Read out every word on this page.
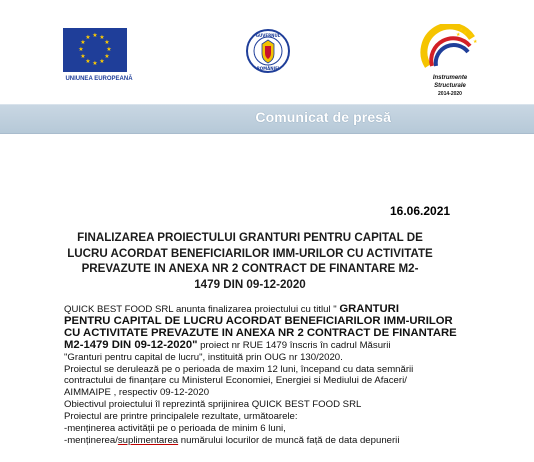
★ ★
★
★
★
★
★
★
★
★
★
★
UNIUNEA EUROPEANĂ
GUVERNUL
ROMÂNIEI
★ ★ ★
★
★
Instrumente Structurale
2014-2020
Comunicat de presă
16.06.2021
FINALIZAREA PROIECTULUI GRANTURI PENTRU CAPITAL DE
LUCRU ACORDAT BENEFICIARILOR IMM-URILOR CU ACTIVITATE
PREVAZUTE IN ANEXA NR 2 CONTRACT DE FINANTARE M2-
1479 DIN 09-12-2020
QUICK BEST FOOD SRL anunta finalizarea proiectului cu titlul " GRANTURI
PENTRU CAPITAL DE LUCRU ACORDAT BENEFICIARILOR IMM-URILOR
CU ACTIVITATE PREVAZUTE IN ANEXA NR 2 CONTRACT DE FINANTARE
M2-1479 DIN 09-12-2020" proiect nr RUE 1479 înscris în cadrul Măsurii
"Granturi pentru capital de lucru", instituită prin OUG nr 130/2020.
Proiectul se derulează pe o perioada de maxim 12 luni, începand cu data semnării
contractului de finanțare cu Ministerul Economiei, Energiei si Mediului de Afaceri/
AIMMAIPE , respectiv 09-12-2020
Obiectivul proiectului îl reprezintă sprijinirea QUICK BEST FOOD SRL
Proiectul are printre principalele rezultate, următoarele:
-menținerea activității pe o perioada de minim 6 luni,
-menținerea/suplimentarea numărului locurilor de muncă față de data depunerii
